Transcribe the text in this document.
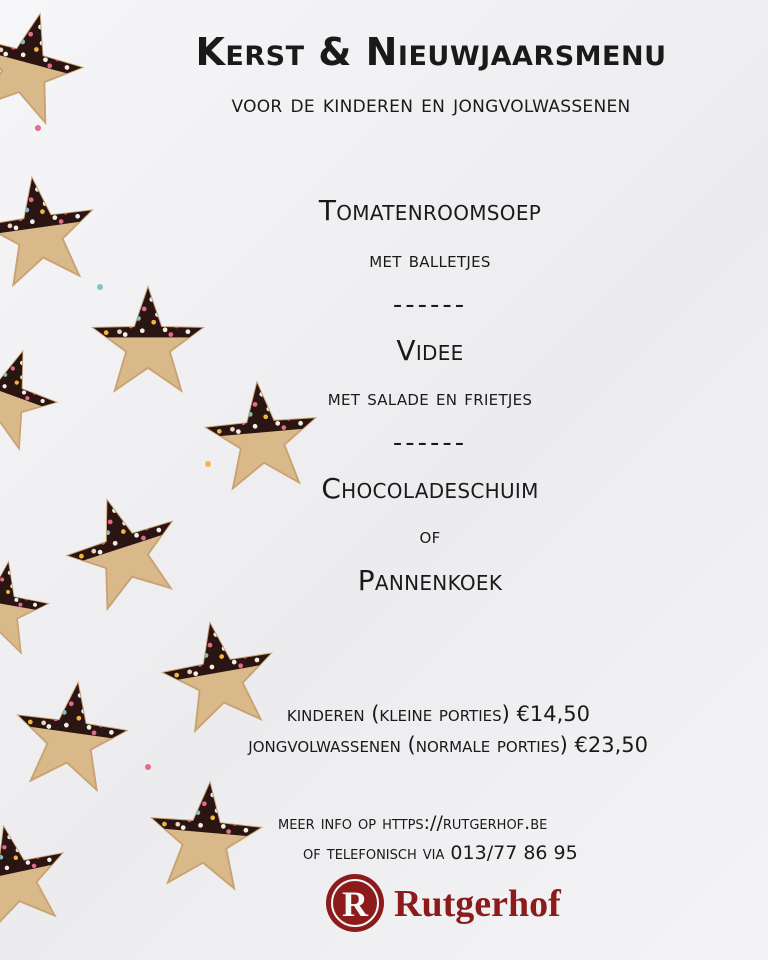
Kerst & Nieuwjaarsmenu
voor de kinderen en jongvolwassenen
Tomatenroomsoep
met balletjes
------
Videe
met salade en frietjes
------
Chocoladeschuim
of
Pannenkoek
kinderen (kleine porties) €14,50
jongvolwassenen (normale porties) €23,50
meer info op https://rutgerhof.be
of telefonisch via 013/77 86 95
R Rutgerhof
